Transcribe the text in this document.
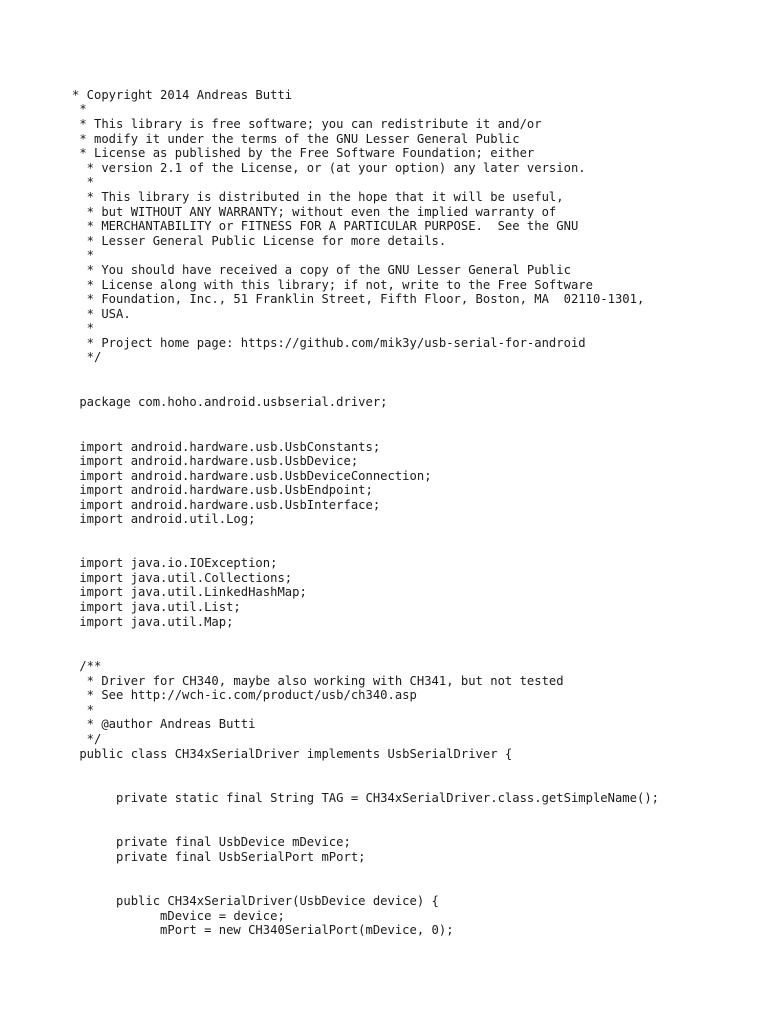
* Copyright 2014 Andreas Butti
*
* This library is free software; you can redistribute it and/or
* modify it under the terms of the GNU Lesser General Public
* License as published by the Free Software Foundation; either
* version 2.1 of the License, or (at your option) any later version.
*
* This library is distributed in the hope that it will be useful,
* but WITHOUT ANY WARRANTY; without even the implied warranty of
* MERCHANTABILITY or FITNESS FOR A PARTICULAR PURPOSE.  See the GNU
* Lesser General Public License for more details.
*
* You should have received a copy of the GNU Lesser General Public
* License along with this library; if not, write to the Free Software
* Foundation, Inc., 51 Franklin Street, Fifth Floor, Boston, MA  02110-1301,
* USA.
*
* Project home page: https://github.com/mik3y/usb-serial-for-android
*/
package com.hoho.android.usbserial.driver;
import android.hardware.usb.UsbConstants;
import android.hardware.usb.UsbDevice;
import android.hardware.usb.UsbDeviceConnection;
import android.hardware.usb.UsbEndpoint;
import android.hardware.usb.UsbInterface;
import android.util.Log;
import java.io.IOException;
import java.util.Collections;
import java.util.LinkedHashMap;
import java.util.List;
import java.util.Map;
/**
* Driver for CH340, maybe also working with CH341, but not tested
* See http://wch-ic.com/product/usb/ch340.asp
*
* @author Andreas Butti
*/
public class CH34xSerialDriver implements UsbSerialDriver {
private static final String TAG = CH34xSerialDriver.class.getSimpleName();
private final UsbDevice mDevice;
private final UsbSerialPort mPort;
public CH34xSerialDriver(UsbDevice device) {
mDevice = device;
mPort = new CH340SerialPort(mDevice, 0);
